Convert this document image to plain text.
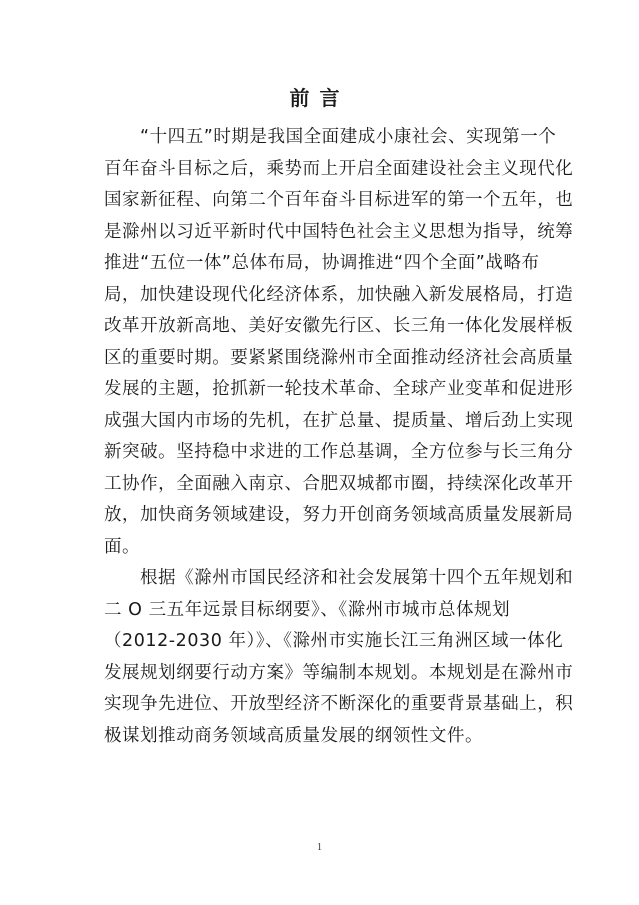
前言

“十四五”时期是我国全面建成小康社会、实现第一个
百年奋斗目标之后，乘势而上开启全面建设社会主义现代化
国家新征程、向第二个百年奋斗目标进军的第一个五年，也
是滁州以习近平新时代中国特色社会主义思想为指导，统筹
推进“五位一体”总体布局，协调推进“四个全面”战略布
局，加快建设现代化经济体系，加快融入新发展格局，打造
改革开放新高地、美好安徽先行区、长三角一体化发展样板
区的重要时期。要紧紧围绕滁州市全面推动经济社会高质量
发展的主题，抢抓新一轮技术革命、全球产业变革和促进形
成强大国内市场的先机，在扩总量、提质量、增后劲上实现
新突破。坚持稳中求进的工作总基调，全方位参与长三角分
工协作，全面融入南京、合肥双城都市圈，持续深化改革开
放，加快商务领域建设，努力开创商务领域高质量发展新局
面。

根据《滁州市国民经济和社会发展第十四个五年规划和
二 O 三五年远景目标纲要》、《滁州市城市总体规划
（2012-2030 年）》、《滁州市实施长江三角洲区域一体化
发展规划纲要行动方案》等编制本规划。本规划是在滁州市
实现争先进位、开放型经济不断深化的重要背景基础上，积
极谋划推动商务领域高质量发展的纲领性文件。

1
